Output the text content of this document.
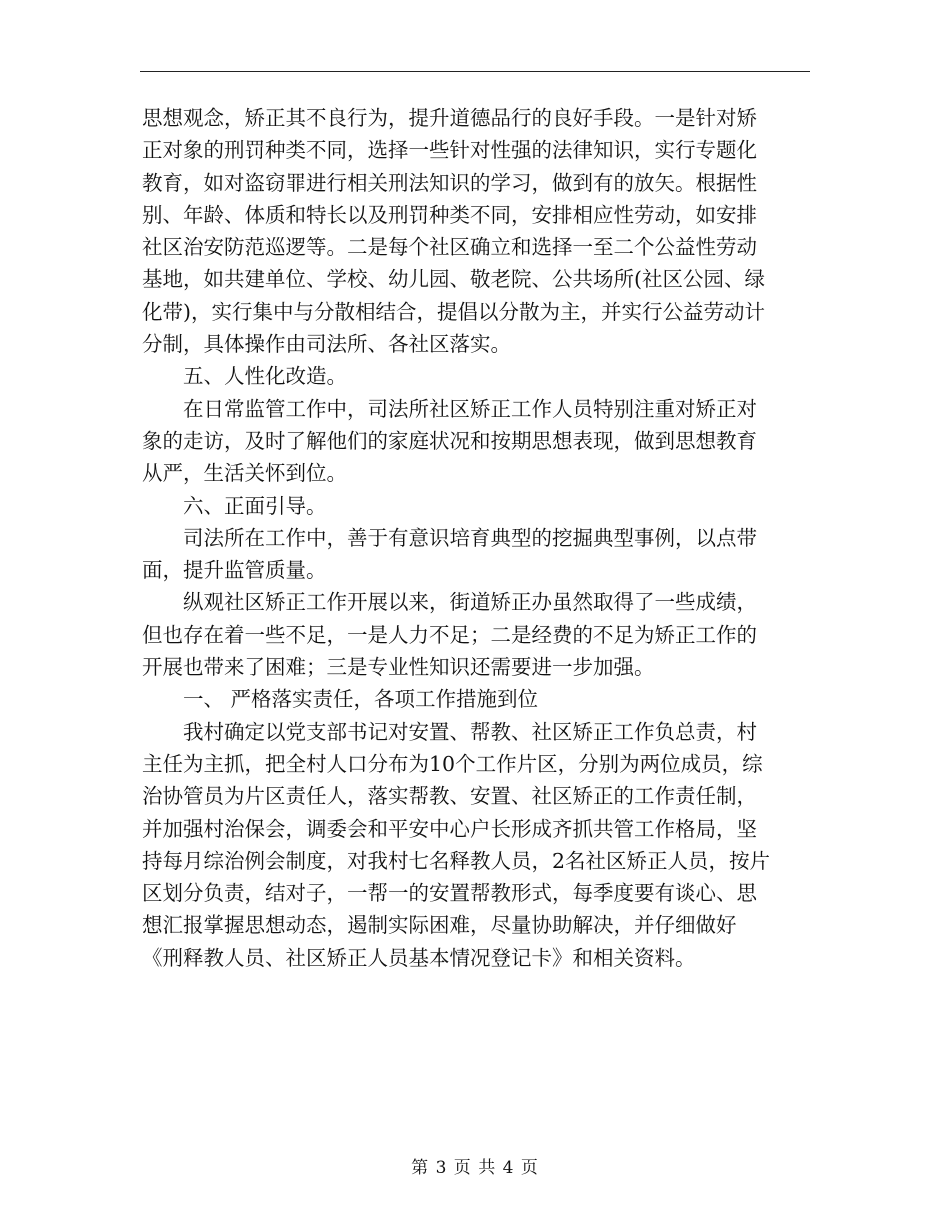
思想观念，矫正其不良行为，提升道德品行的良好手段。一是针对矫
正对象的刑罚种类不同，选择一些针对性强的法律知识，实行专题化
教育，如对盗窃罪进行相关刑法知识的学习，做到有的放矢。根据性
别、年龄、体质和特长以及刑罚种类不同，安排相应性劳动，如安排
社区治安防范巡逻等。二是每个社区确立和选择一至二个公益性劳动
基地，如共建单位、学校、幼儿园、敬老院、公共场所(社区公园、绿
化带)，实行集中与分散相结合，提倡以分散为主，并实行公益劳动计
分制，具体操作由司法所、各社区落实。
五、人性化改造。
在日常监管工作中，司法所社区矫正工作人员特别注重对矫正对
象的走访，及时了解他们的家庭状况和按期思想表现，做到思想教育
从严，生活关怀到位。
六、正面引导。
司法所在工作中，善于有意识培育典型的挖掘典型事例，以点带
面，提升监管质量。
纵观社区矫正工作开展以来，街道矫正办虽然取得了一些成绩，
但也存在着一些不足，一是人力不足；二是经费的不足为矫正工作的
开展也带来了困难；三是专业性知识还需要进一步加强。
一、 严格落实责任，各项工作措施到位
我村确定以党支部书记对安置、帮教、社区矫正工作负总责，村
主任为主抓，把全村人口分布为10个工作片区，分别为两位成员，综
治协管员为片区责任人，落实帮教、安置、社区矫正的工作责任制，
并加强村治保会，调委会和平安中心户长形成齐抓共管工作格局，坚
持每月综治例会制度，对我村七名释教人员，2名社区矫正人员，按片
区划分负责，结对子，一帮一的安置帮教形式，每季度要有谈心、思
想汇报掌握思想动态，遏制实际困难，尽量协助解决，并仔细做好
《刑释教人员、社区矫正人员基本情况登记卡》和相关资料。
第 3 页 共 4 页
